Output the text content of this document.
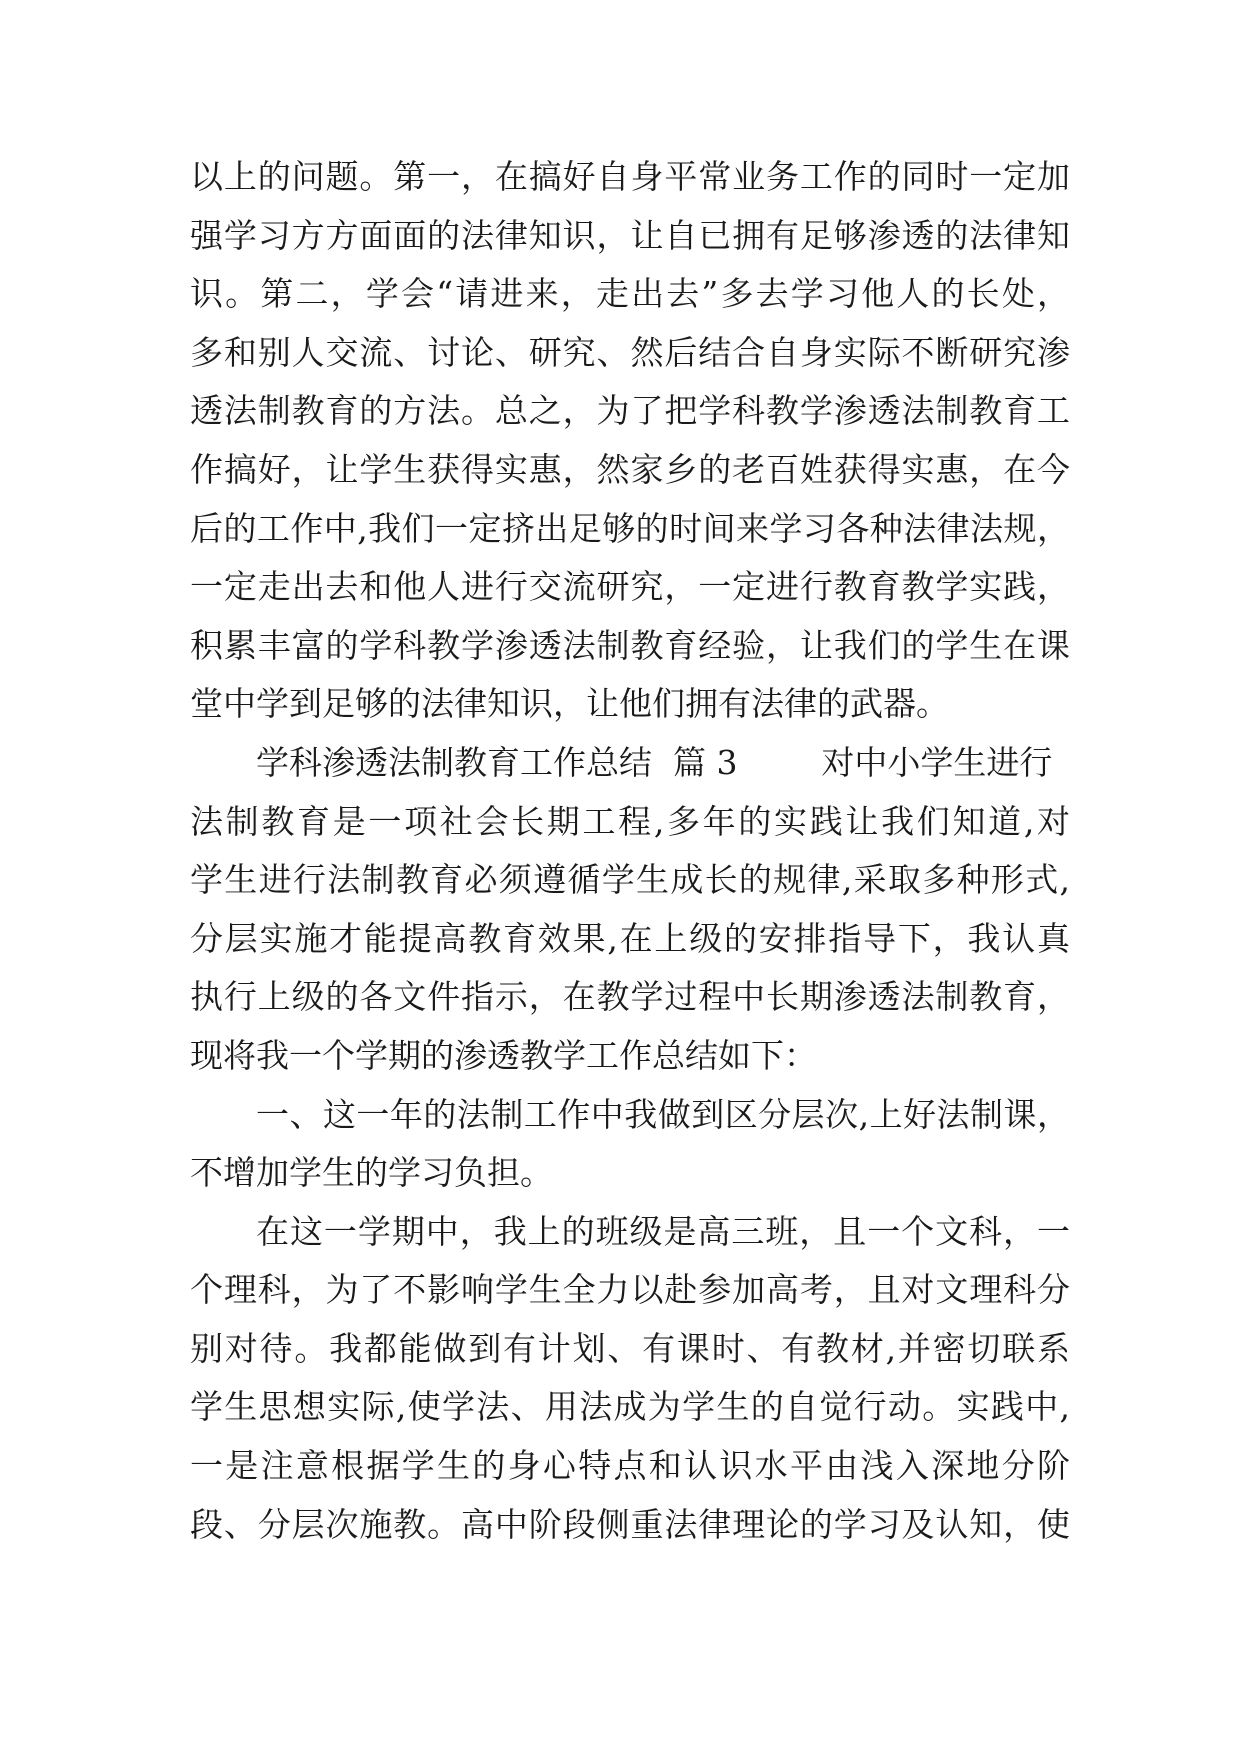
以上的问题。第一，在搞好自身平常业务工作的同时一定加
强学习方方面面的法律知识，让自已拥有足够渗透的法律知
识。第二，学会“请进来，走出去”多去学习他人的长处，
多和别人交流、讨论、研究、然后结合自身实际不断研究渗
透法制教育的方法。总之，为了把学科教学渗透法制教育工
作搞好，让学生获得实惠，然家乡的老百姓获得实惠，在今
后的工作中,我们一定挤出足够的时间来学习各种法律法规，
一定走出去和他人进行交流研究，一定进行教育教学实践，
积累丰富的学科教学渗透法制教育经验，让我们的学生在课
堂中学到足够的法律知识，让他们拥有法律的武器。
学科渗透法制教育工作总结  篇 3        对中小学生进行
法制教育是一项社会长期工程,多年的实践让我们知道,对
学生进行法制教育必须遵循学生成长的规律,采取多种形式,
分层实施才能提高教育效果,在上级的安排指导下，我认真
执行上级的各文件指示，在教学过程中长期渗透法制教育，
现将我一个学期的渗透教学工作总结如下：
一、这一年的法制工作中我做到区分层次,上好法制课，
不增加学生的学习负担。
在这一学期中，我上的班级是高三班，且一个文科，一
个理科，为了不影响学生全力以赴参加高考，且对文理科分
别对待。我都能做到有计划、有课时、有教材,并密切联系
学生思想实际,使学法、用法成为学生的自觉行动。实践中,
一是注意根据学生的身心特点和认识水平由浅入深地分阶
段、分层次施教。高中阶段侧重法律理论的学习及认知，使
